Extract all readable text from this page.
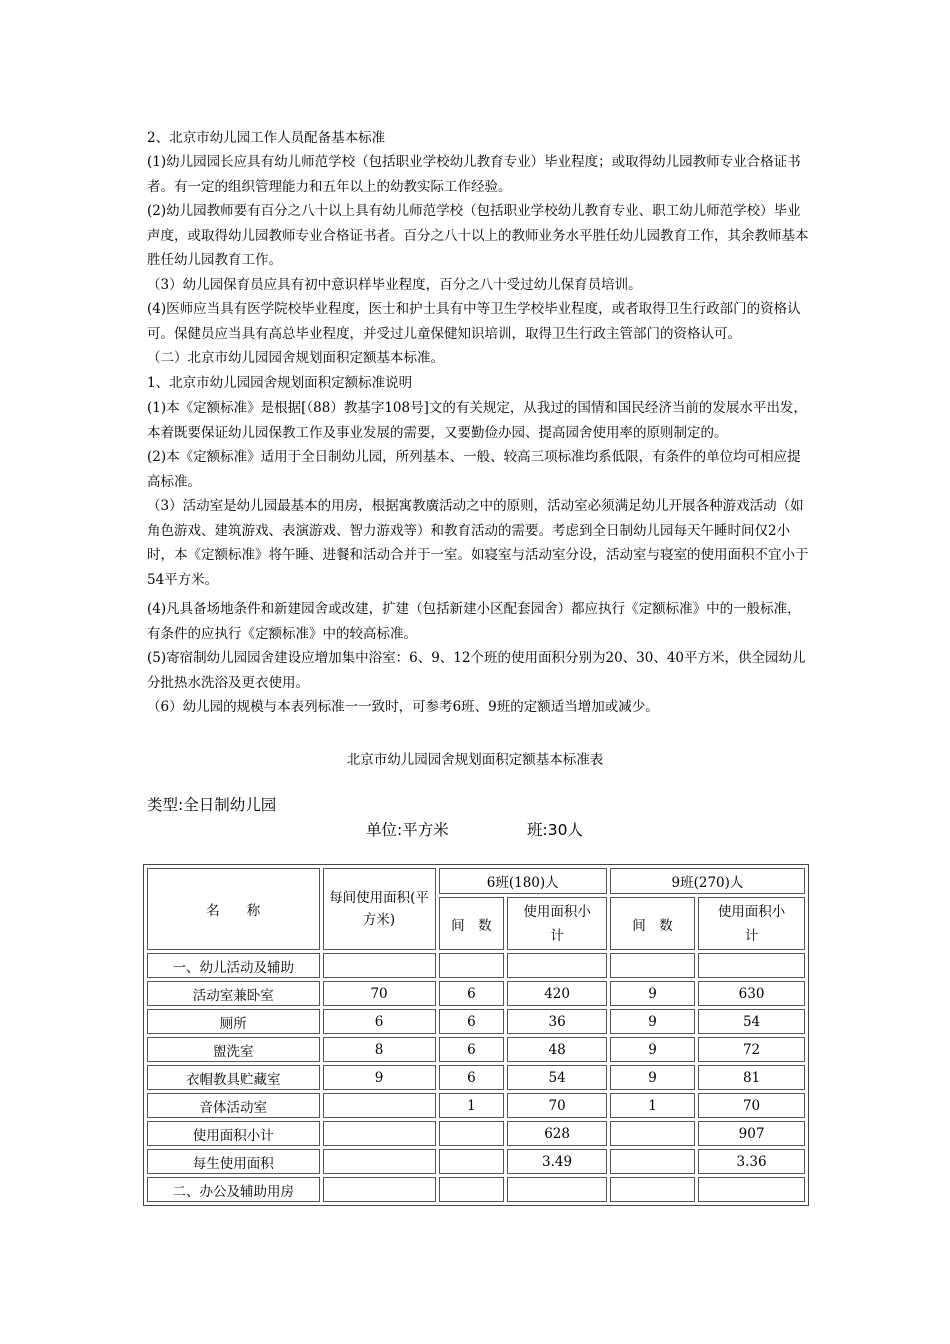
2、北京市幼儿园工作人员配备基本标准
(1)幼儿园园长应具有幼儿师范学校（包括职业学校幼儿教育专业）毕业程度；或取得幼儿园教师专业合格证书者。有一定的组织管理能力和五年以上的幼教实际工作经验。
(2)幼儿园教师要有百分之八十以上具有幼儿师范学校（包括职业学校幼儿教育专业、职工幼儿师范学校）毕业声度，或取得幼儿园教师专业合格证书者。百分之八十以上的教师业务水平胜任幼儿园教育工作，其余教师基本胜任幼儿园教育工作。
（3）幼儿园保育员应具有初中意识样毕业程度，百分之八十受过幼儿保育员培训。
(4)医师应当具有医学院校毕业程度，医士和护士具有中等卫生学校毕业程度，或者取得卫生行政部门的资格认可。保健员应当具有高总毕业程度，并受过儿童保健知识培训，取得卫生行政主管部门的资格认可。
（二）北京市幼儿园园舍规划面积定额基本标准。
1、北京市幼儿园园舍规划面积定额标准说明
(1)本《定额标准》是根据[（88）教基字108号]文的有关规定，从我过的国情和国民经济当前的发展水平出发，本着既要保证幼儿园保教工作及事业发展的需要，又要勤俭办园、提高园舍使用率的原则制定的。
(2)本《定额标准》适用于全日制幼儿园，所列基本、一般、较高三项标准均系低限，有条件的单位均可相应提高标准。
（3）活动室是幼儿园最基本的用房，根据寓教廣活动之中的原则，活动室必须满足幼儿开展各种游戏活动（如角色游戏、建筑游戏、表演游戏、智力游戏等）和教育活动的需要。考虑到全日制幼儿园每天午睡时间仅2小时，本《定额标准》将午睡、进餐和活动合并于一室。如寝室与活动室分设，活动室与寝室的使用面积不宜小于54平方米。
(4)凡具备场地条件和新建园舍或改建，扩建（包括新建小区配套园舍）都应执行《定额标准》中的一般标准，有条件的应执行《定额标准》中的较高标准。
(5)寄宿制幼儿园园舍建设应增加集中浴室：6、9、12个班的使用面积分别为20、30、40平方米，供全园幼儿分批热水洗浴及更衣使用。
（6）幼儿园的规模与本表列标准一一致时，可参考6班、9班的定额适当增加或减少。
北京市幼儿园园舍规划面积定额基本标准表
类型:全日制幼儿园
单位:平方米	班:30人
名　　称	每间使用面积(平方米)	6班(180)人		9班(270)人	
		间　数	使用面积小计	间　数	使用面积小计
一、幼儿活动及辅助					
活动室兼卧室	70	6	420	9	630
厕所	6	6	36	9	54
盥洗室	8	6	48	9	72
衣帽教具贮藏室	9	6	54	9	81
音体活动室		1	70	1	70
使用面积小计			628		907
每生使用面积			3.49		3.36
二、办公及辅助用房					
